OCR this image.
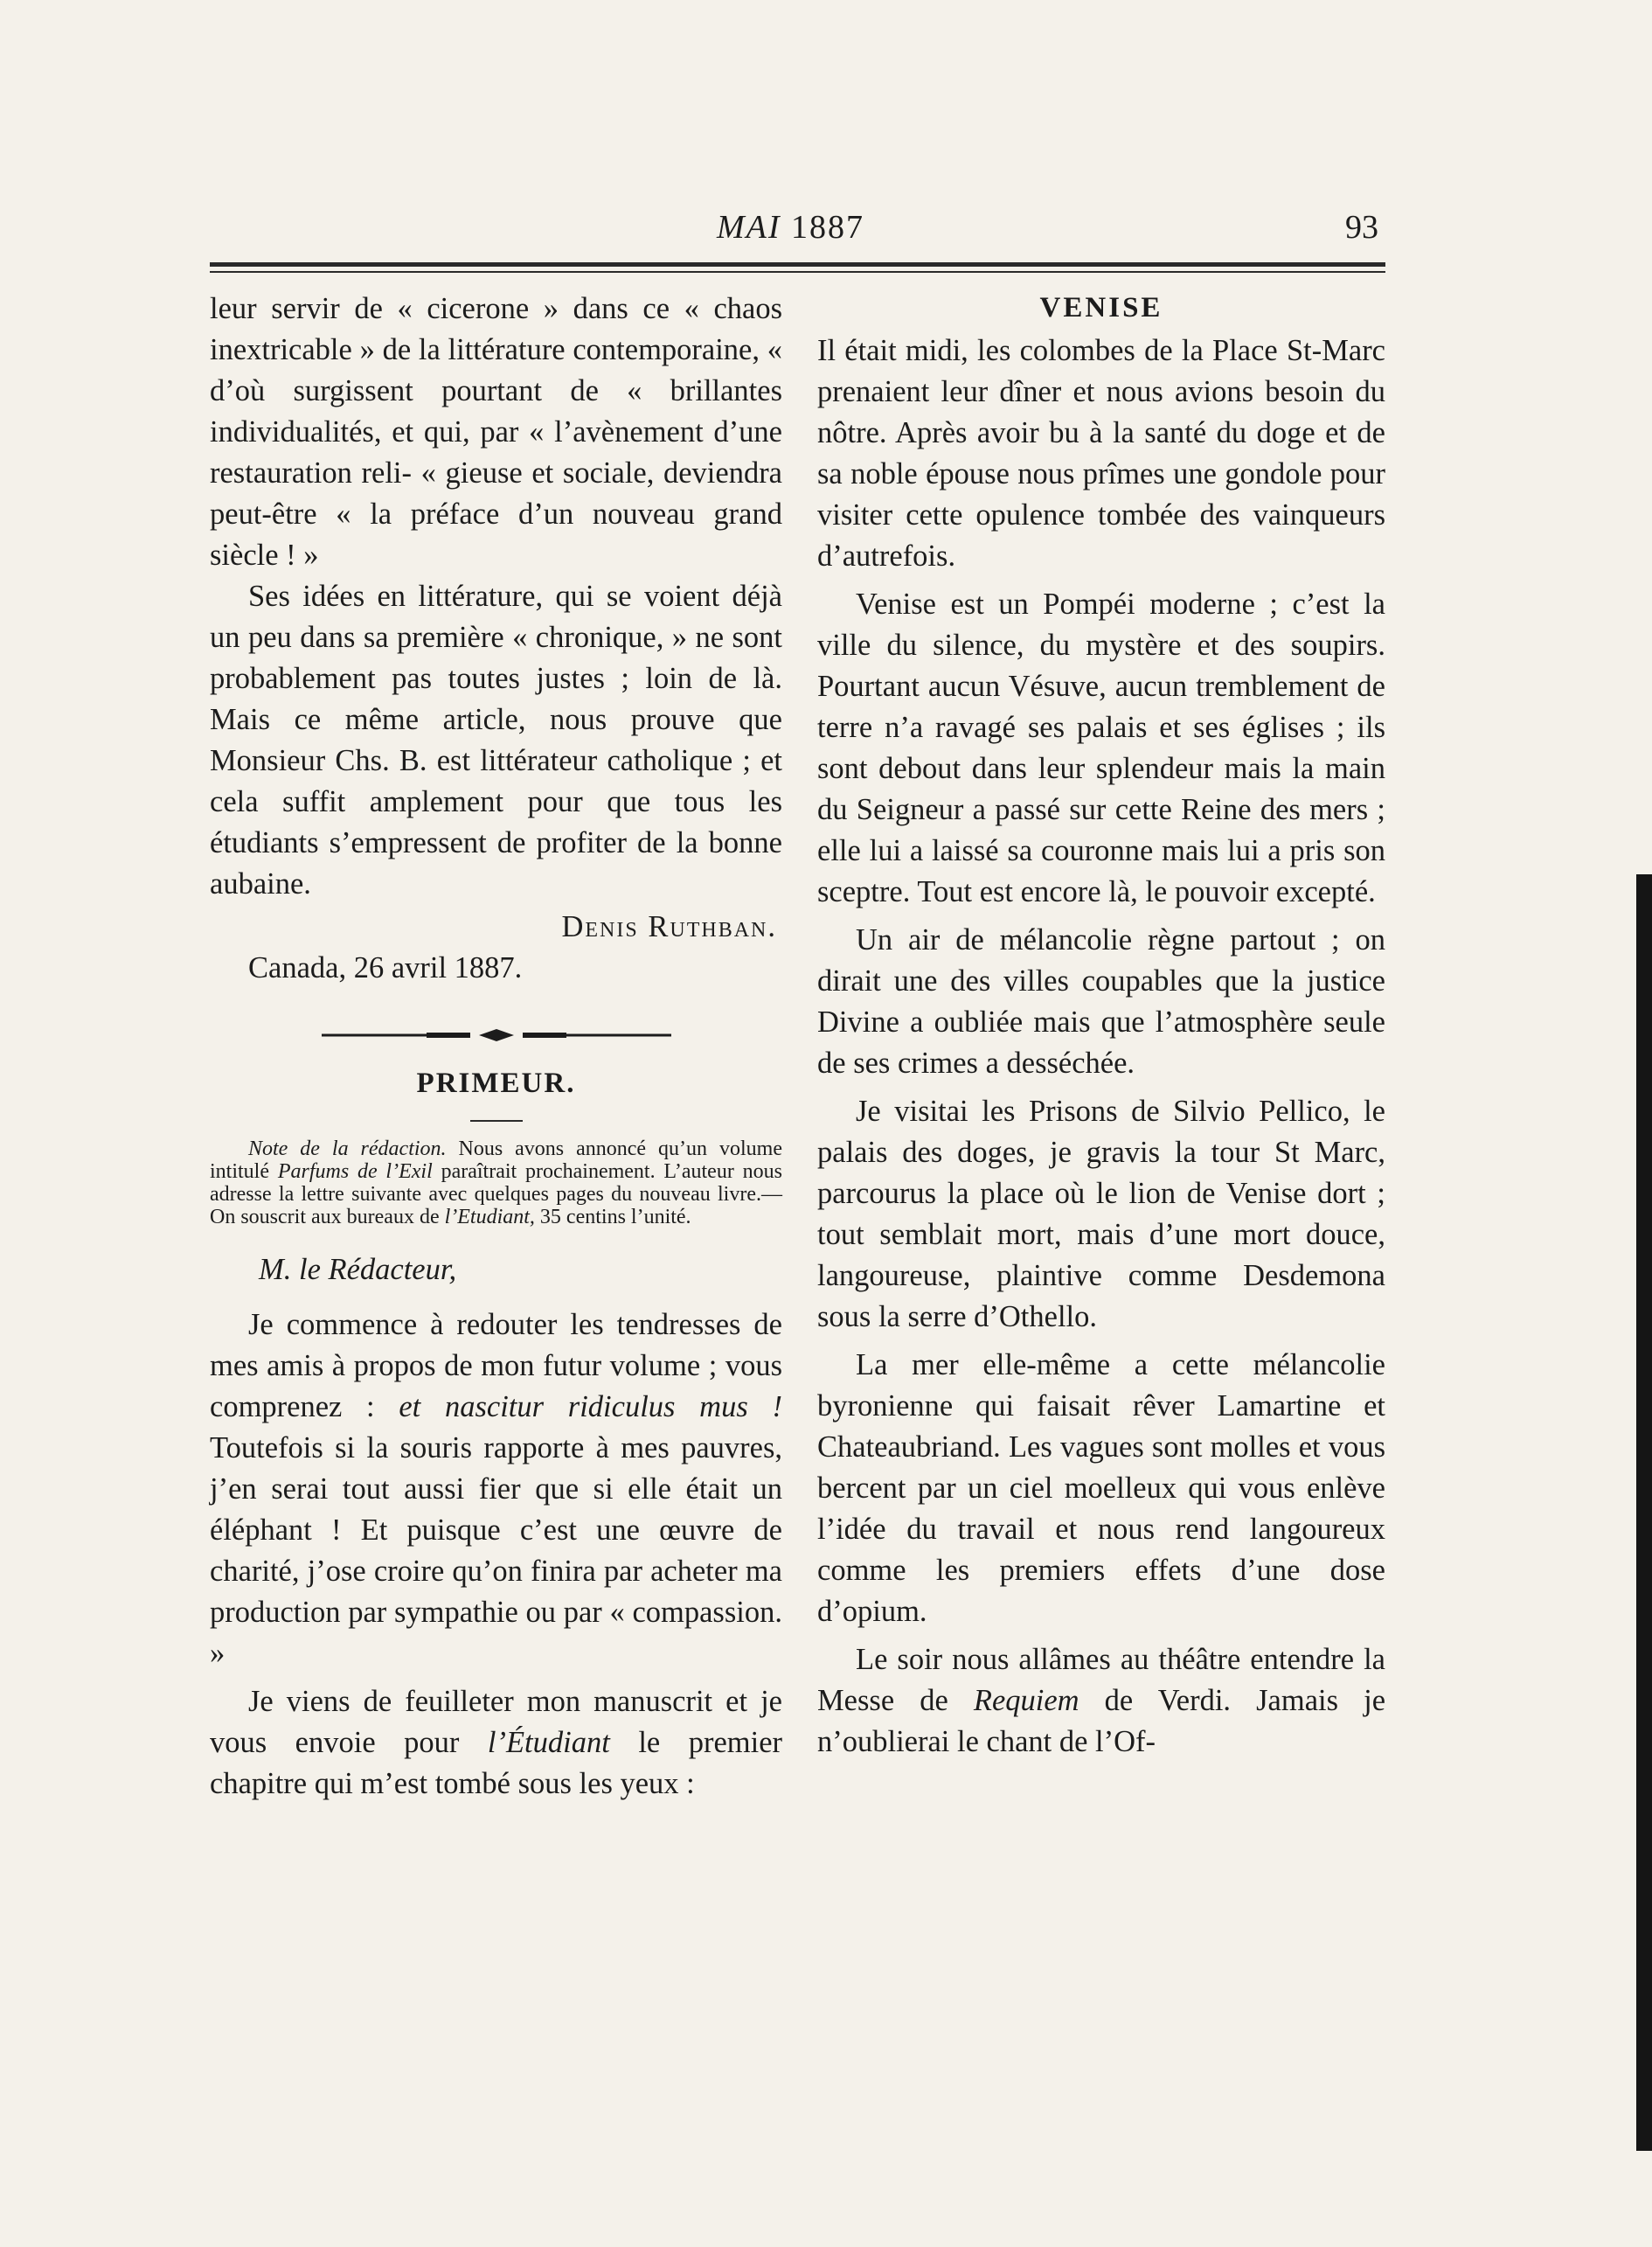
MAI 1887	93

leur servir de « cicerone » dans ce « chaos inextricable » de la littérature contemporaine, « d’où surgissent pourtant de « brillantes individualités, et qui, par « l’avènement d’une restauration reli- « gieuse et sociale, deviendra peut-être « la préface d’un nouveau grand siècle ! »

Ses idées en littérature, qui se voient déjà un peu dans sa première « chronique, » ne sont probablement pas toutes justes ; loin de là. Mais ce même article, nous prouve que Monsieur Chs. B. est littérateur catholique ; et cela suffit amplement pour que tous les étudiants s’empressent de profiter de la bonne aubaine.

Denis Ruthban.

Canada, 26 avril 1887.

PRIMEUR.

Note de la rédaction. Nous avons annoncé qu’un volume intitulé Parfums de l’Exil paraîtrait prochainement. L’auteur nous adresse la lettre suivante avec quelques pages du nouveau livre.—On souscrit aux bureaux de l’Etudiant, 35 centins l’unité.

M. le Rédacteur,

Je commence à redouter les tendresses de mes amis à propos de mon futur volume ; vous comprenez : et nascitur ridiculus mus ! Toutefois si la souris rapporte à mes pauvres, j’en serai tout aussi fier que si elle était un éléphant ! Et puisque c’est une œuvre de charité, j’ose croire qu’on finira par acheter ma production par sympathie ou par « compassion. »

Je viens de feuilleter mon manuscrit et je vous envoie pour l’Étudiant le premier chapitre qui m’est tombé sous les yeux :

VENISE

Il était midi, les colombes de la Place St-Marc prenaient leur dîner et nous avions besoin du nôtre. Après avoir bu à la santé du doge et de sa noble épouse nous prîmes une gondole pour visiter cette opulence tombée des vainqueurs d’autrefois.

Venise est un Pompéi moderne ; c’est la ville du silence, du mystère et des soupirs. Pourtant aucun Vésuve, aucun tremblement de terre n’a ravagé ses palais et ses églises ; ils sont debout dans leur splendeur mais la main du Seigneur a passé sur cette Reine des mers ; elle lui a laissé sa couronne mais lui a pris son sceptre. Tout est encore là, le pouvoir excepté.

Un air de mélancolie règne partout ; on dirait une des villes coupables que la justice Divine a oubliée mais que l’atmosphère seule de ses crimes a desséchée.

Je visitai les Prisons de Silvio Pellico, le palais des doges, je gravis la tour St Marc, parcourus la place où le lion de Venise dort ; tout semblait mort, mais d’une mort douce, langoureuse, plaintive comme Desdemona sous la serre d’Othello.

La mer elle-même a cette mélancolie byronienne qui faisait rêver Lamartine et Chateaubriand. Les vagues sont molles et vous bercent par un ciel moelleux qui vous enlève l’idée du travail et nous rend langoureux comme les premiers effets d’une dose d’opium.

Le soir nous allâmes au théâtre entendre la Messe de Requiem de Verdi. Jamais je n’oublierai le chant de l’Of-
